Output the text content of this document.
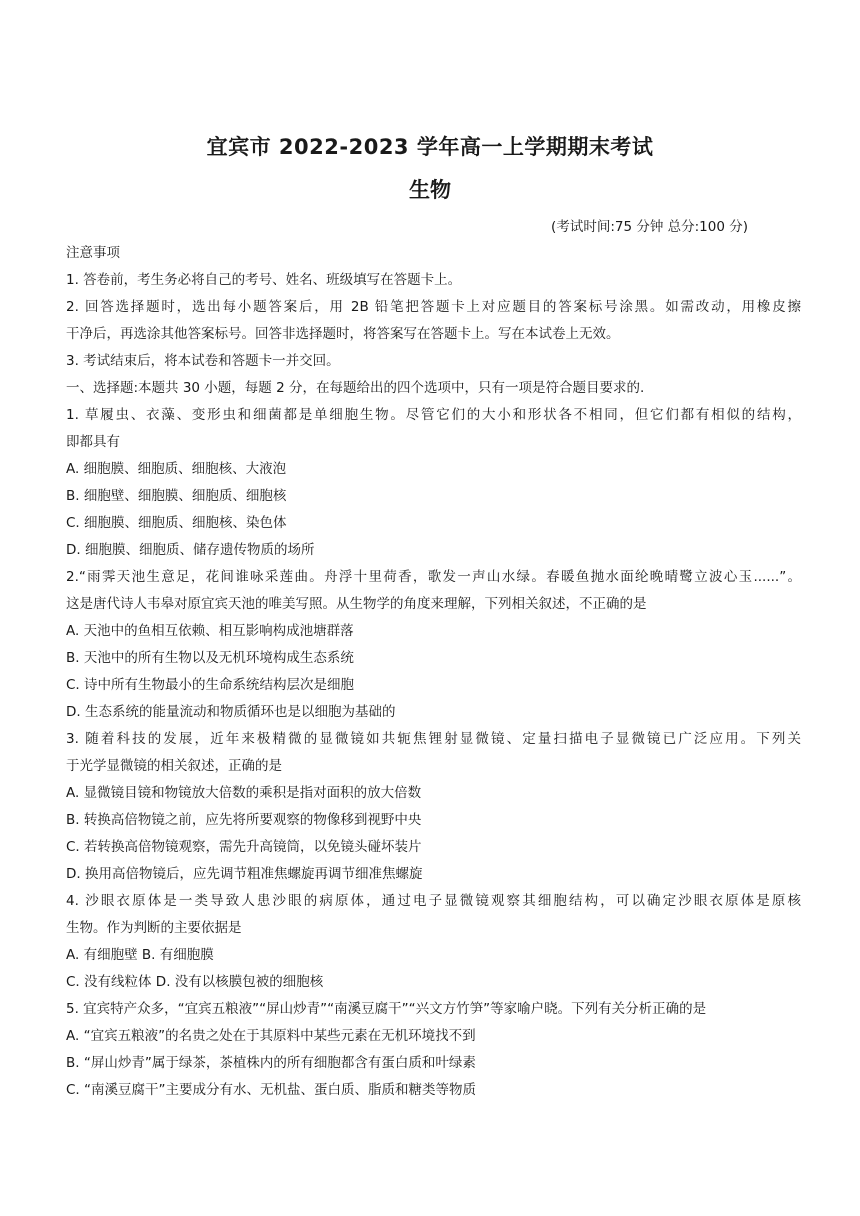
宜宾市 2022-2023 学年高一上学期期末考试
生物
(考试时间:75 分钟 总分:100 分)
注意事项
1. 答卷前，考生务必将自己的考号、姓名、班级填写在答题卡上。
2. 回答选择题时，选出每小题答案后，用 2B 铅笔把答题卡上对应题目的答案标号涂黑。如需改动，用橡皮擦
干净后，再选涂其他答案标号。回答非选择题时，将答案写在答题卡上。写在本试卷上无效。
3. 考试结束后，将本试卷和答题卡一并交回。
一、选择题:本题共 30 小题，每题 2 分，在每题给出的四个选项中，只有一项是符合题目要求的.
1. 草履虫、衣藻、变形虫和细菌都是单细胞生物。尽管它们的大小和形状各不相同，但它们都有相似的结构，
即都具有
A. 细胞膜、细胞质、细胞核、大液泡
B. 细胞壁、细胞膜、细胞质、细胞核
C. 细胞膜、细胞质、细胞核、染色体
D. 细胞膜、细胞质、储存遗传物质的场所
2.“雨霁天池生意足，花间谁咏采莲曲。舟浮十里荷香，歌发一声山水绿。春暖鱼抛水面纶晚晴鹭立波心玉......”。
这是唐代诗人韦皋对原宜宾天池的唯美写照。从生物学的角度来理解，下列相关叙述，不正确的是
A. 天池中的鱼相互依赖、相互影响构成池塘群落
B. 天池中的所有生物以及无机环境构成生态系统
C. 诗中所有生物最小的生命系统结构层次是细胞
D. 生态系统的能量流动和物质循环也是以细胞为基础的
3. 随着科技的发展，近年来极精微的显微镜如共轭焦锂射显微镜、定量扫描电子显微镜已广泛应用。下列关
于光学显微镜的相关叙述，正确的是
A. 显微镜目镜和物镜放大倍数的乘积是指对面积的放大倍数
B. 转换高倍物镜之前，应先将所要观察的物像移到视野中央
C. 若转换高倍物镜观察，需先升高镜筒，以免镜头碰坏装片
D. 换用高倍物镜后，应先调节粗准焦螺旋再调节细准焦螺旋
4. 沙眼衣原体是一类导致人患沙眼的病原体，通过电子显微镜观察其细胞结构，可以确定沙眼衣原体是原核
生物。作为判断的主要依据是
A. 有细胞壁 B. 有细胞膜
C. 没有线粒体 D. 没有以核膜包被的细胞核
5. 宜宾特产众多，“宜宾五粮液”“屏山炒青”“南溪豆腐干”“兴文方竹笋”等家喻户晓。下列有关分析正确的是
A. “宜宾五粮液”的名贵之处在于其原料中某些元素在无机环境找不到
B. “屏山炒青”属于绿茶，茶植株内的所有细胞都含有蛋白质和叶绿素
C. “南溪豆腐干”主要成分有水、无机盐、蛋白质、脂质和糖类等物质
